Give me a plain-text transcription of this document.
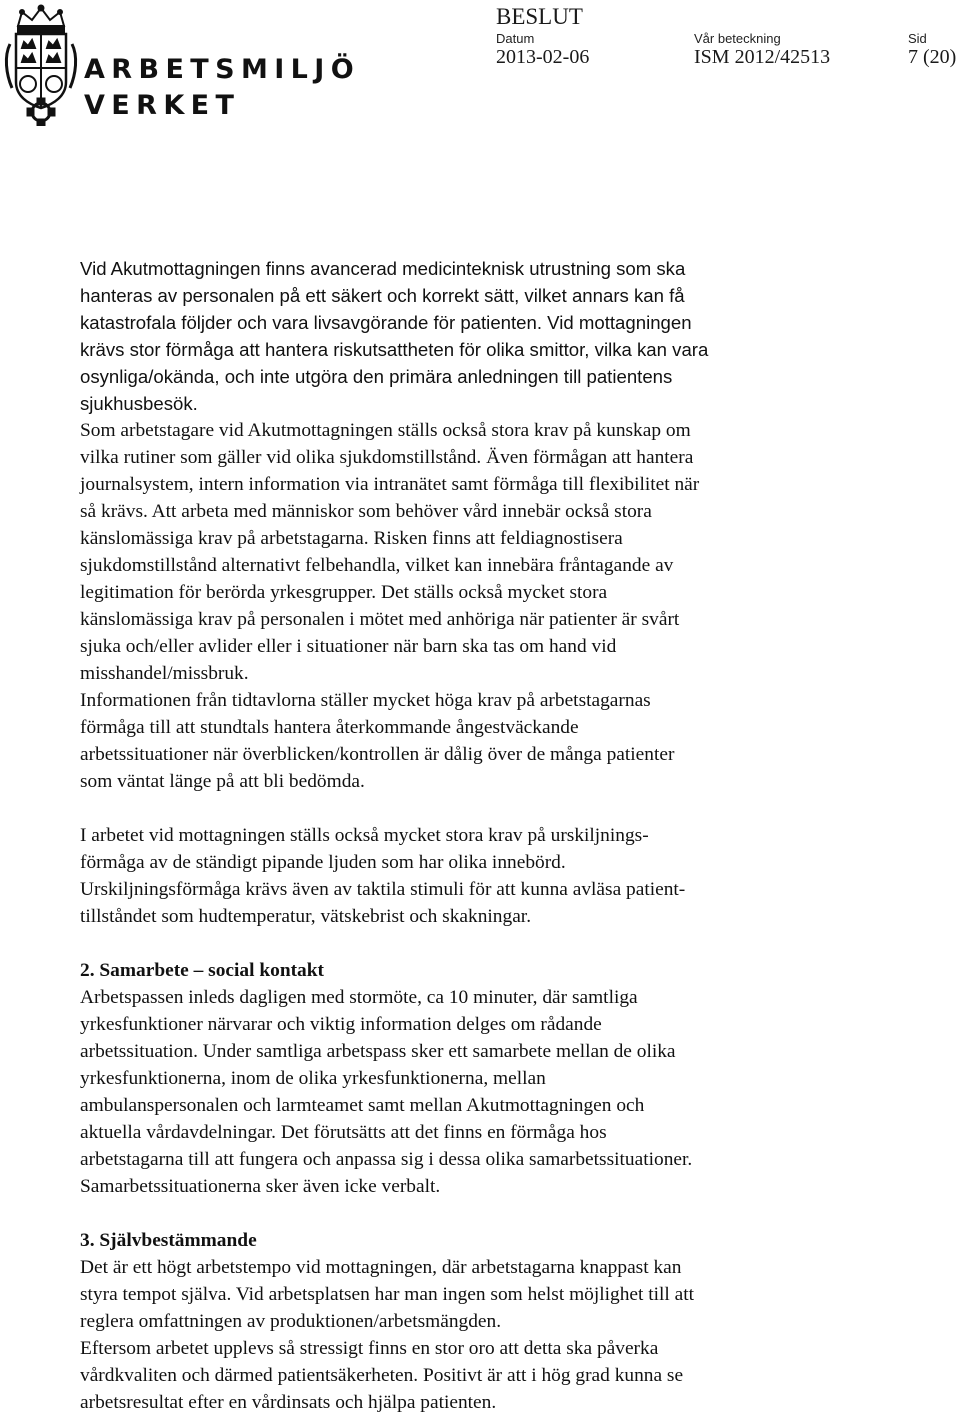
ARBETSMILJÖ
VERKET
BESLUT
Datum
2013-02-06
Vår beteckning
ISM 2012/42513
Sid
7 (20)

Vid Akutmottagningen finns avancerad medicinteknisk utrustning som ska
hanteras av personalen på ett säkert och korrekt sätt, vilket annars kan få
katastrofala följder och vara livsavgörande för patienten. Vid mottagningen
krävs stor förmåga att hantera riskutsattheten för olika smittor, vilka kan vara
osynliga/okända, och inte utgöra den primära anledningen till patientens
sjukhusbesök.

Som arbetstagare vid Akutmottagningen ställs också stora krav på kunskap om
vilka rutiner som gäller vid olika sjukdomstillstånd. Även förmågan att hantera
journalsystem, intern information via intranätet samt förmåga till flexibilitet när
så krävs. Att arbeta med människor som behöver vård innebär också stora
känslomässiga krav på arbetstagarna. Risken finns att feldiagnostisera
sjukdomstillstånd alternativt felbehandla, vilket kan innebära fråntagande av
legitimation för berörda yrkesgrupper. Det ställs också mycket stora
känslomässiga krav på personalen i mötet med anhöriga när patienter är svårt
sjuka och/eller avlider eller i situationer när barn ska tas om hand vid
misshandel/missbruk.

Informationen från tidtavlorna ställer mycket höga krav på arbetstagarnas
förmåga till att stundtals hantera återkommande ångestväckande
arbetssituationer när överblicken/kontrollen är dålig över de många patienter
som väntat länge på att bli bedömda.

I arbetet vid mottagningen ställs också mycket stora krav på urskiljnings-
förmåga av de ständigt pipande ljuden som har olika innebörd.

Urskiljningsförmåga krävs även av taktila stimuli för att kunna avläsa patient-
tillståndet som hudtemperatur, vätskebrist och skakningar.

2. Samarbete – social kontakt

Arbetspassen inleds dagligen med stormöte, ca 10 minuter, där samtliga
yrkesfunktioner närvarar och viktig information delges om rådande
arbetssituation. Under samtliga arbetspass sker ett samarbete mellan de olika
yrkesfunktionerna, inom de olika yrkesfunktionerna, mellan
ambulanspersonalen och larmteamet samt mellan Akutmottagningen och
aktuella vårdavdelningar. Det förutsätts att det finns en förmåga hos
arbetstagarna till att fungera och anpassa sig i dessa olika samarbetssituationer.
Samarbetssituationerna sker även icke verbalt.

3. Självbestämmande

Det är ett högt arbetstempo vid mottagningen, där arbetstagarna knappast kan
styra tempot själva. Vid arbetsplatsen har man ingen som helst möjlighet till att
reglera omfattningen av produktionen/arbetsmängden.

Eftersom arbetet upplevs så stressigt finns en stor oro att detta ska påverka
vårdkvaliten och därmed patientsäkerheten. Positivt är att i hög grad kunna se
arbetsresultat efter en vårdinsats och hjälpa patienten.
